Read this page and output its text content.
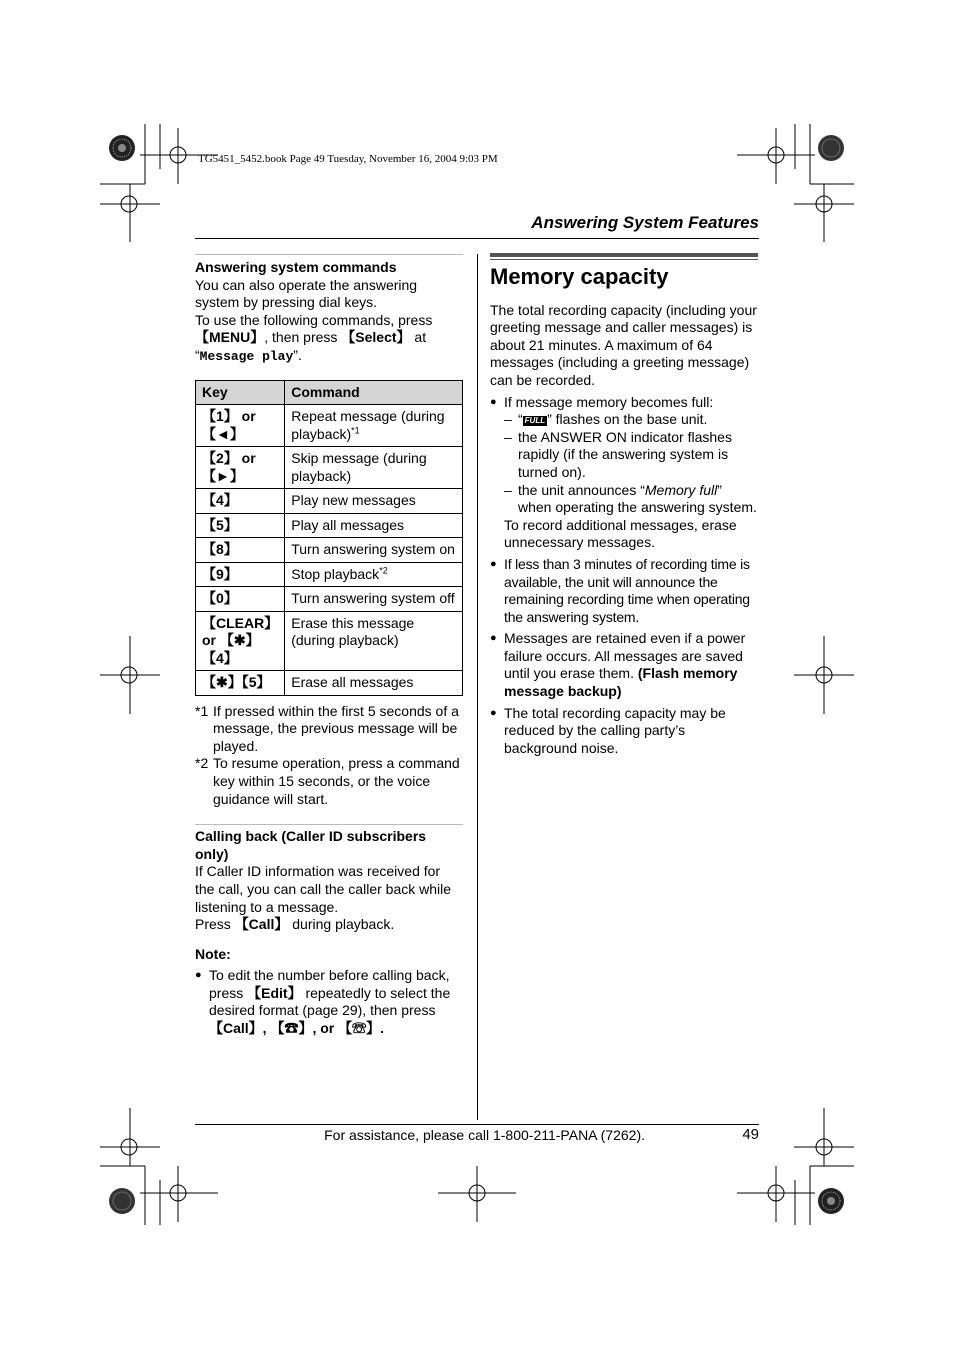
TG5451_5452.book Page 49 Tuesday, November 16, 2004 9:03 PM
Answering System Features
Answering system commands

You can also operate the answering system by pressing dial keys.
To use the following commands, press 【MENU】, then press 【Select】 at “Message play”.

Key	Command
【1】 or 【◄】	Repeat message (during playback)$^{*1}$
【2】 or 【►】	Skip message (during playback)
【4】	Play new messages
【5】	Play all messages
【8】	Turn answering system on
【9】	Stop playback$^{*2}$
【0】	Turn answering system off
【CLEAR】 or 【✱】【4】	Erase this message (during playback)
【✱】【5】	Erase all messages
*1 If pressed within the first 5 seconds of a message, the previous message will be played.
*2 To resume operation, press a command key within 15 seconds, or the voice guidance will start.
Calling back (Caller ID subscribers only)

If Caller ID information was received for the call, you can call the caller back while listening to a message.

Press 【Call】 during playback.

Note:
● To edit the number before calling back, press 【Edit】 repeatedly to select the desired format (page 29), then press 【Call】, 【☎】, or 【☏】.
Memory capacity

The total recording capacity (including your greeting message and caller messages) is about 21 minutes. A maximum of 64 messages (including a greeting message) can be recorded.

● If message memory becomes full:
– “ FULL ” flashes on the base unit.
– the ANSWER ON indicator flashes rapidly (if the answering system is turned on).
– the unit announces “Memory full” when operating the answering system.

To record additional messages, erase unnecessary messages.

● If less than 3 minutes of recording time is available, the unit will announce the remaining recording time when operating the answering system.
● Messages are retained even if a power failure occurs. All messages are saved until you erase them. (Flash memory message backup)
● The total recording capacity may be reduced by the calling party’s background noise.
For assistance, please call 1-800-211-PANA (7262).	49
